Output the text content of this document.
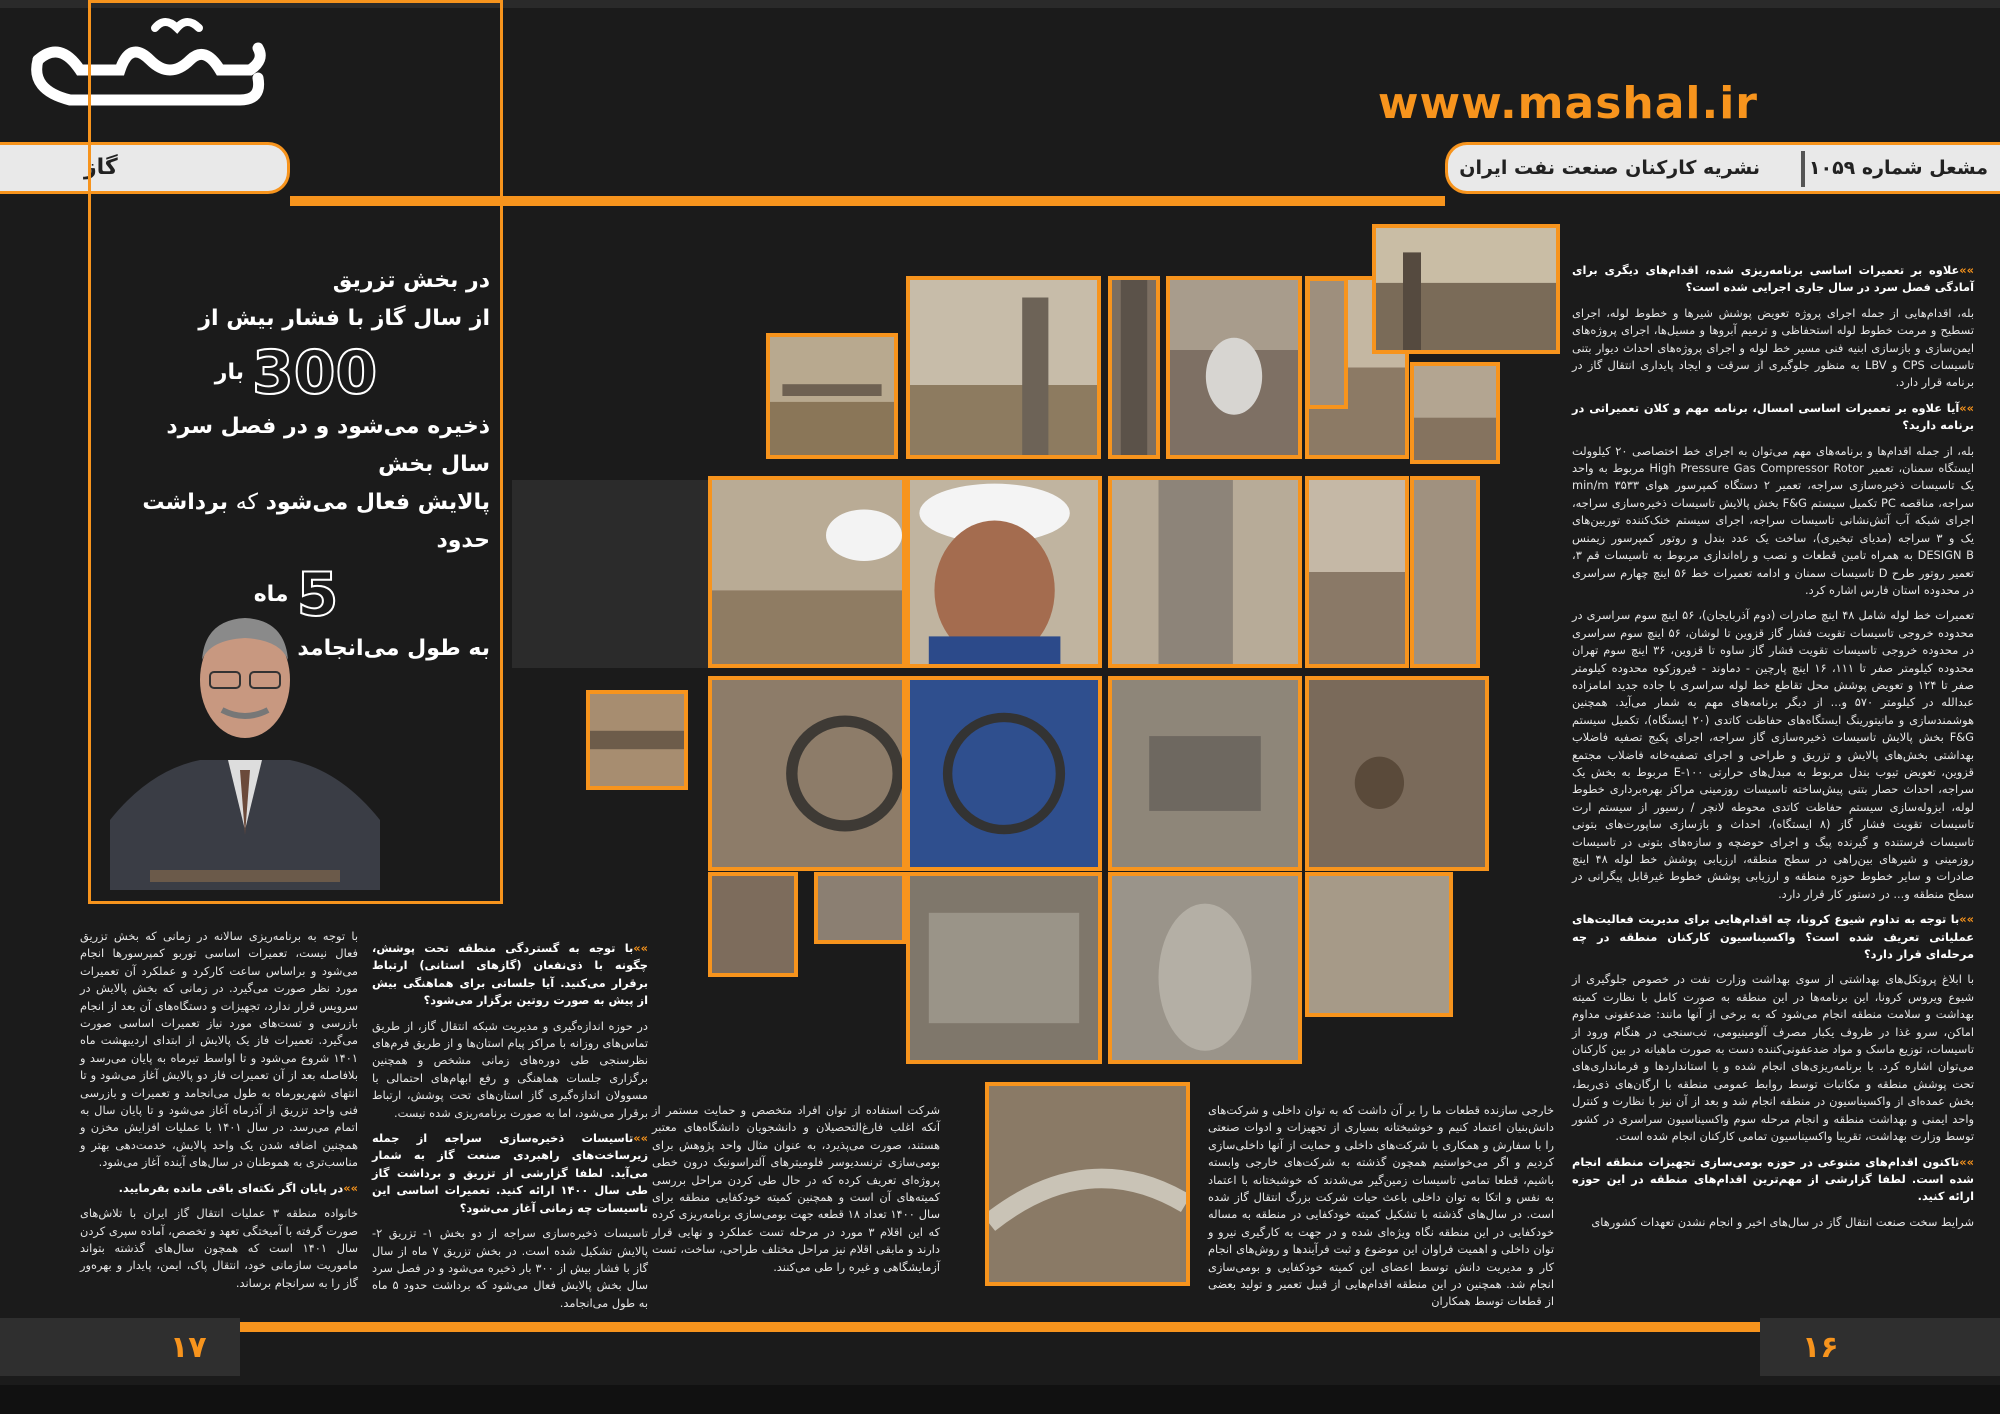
مشعل
www.mashal.ir
گاز	مشعل شماره ۱۰۵۹
نشریه کارکنان صنعت نفت ایران
در بخش تزریق
از سال گاز با فشار بیش از
300بار
ذخیره می‌شود و در فصل سرد سال بخش
پالایش فعال می‌شود که برداشت حدود
5ماه
به طول می‌انجامد

»» علاوه بر تعمیرات اساسی برنامه‌ریزی شده، اقدام‌های دیگری برای آمادگی فصل سرد در سال جاری اجرایی شده است؟

بله، اقدام‌هایی از جمله اجرای پروژه تعویض پوشش شیرها و خطوط لوله، اجرای تسطیح و مرمت خطوط لوله استحفاظی و ترمیم آبروها و مسیل‌ها، اجرای پروژه‌های ایمن‌سازی و بازسازی ابنیه فنی مسیر خط لوله و اجرای پروژه‌های احداث دیوار بتنی تاسیسات CPS و LBV به منظور جلوگیری از سرقت و ایجاد پایداری انتقال گاز در برنامه قرار دارد.

»» آیا علاوه بر تعمیرات اساسی امسال، برنامه مهم و کلان تعمیراتی در برنامه دارید؟

بله، از جمله اقدام‌ها و برنامه‌های مهم می‌توان به اجرای خط اختصاصی ۲۰ کیلوولت ایستگاه سمنان، تعمیر High Pressure Gas Compressor Rotor مربوط به واحد یک تاسیسات ذخیره‌سازی سراجه، تعمیر ۲ دستگاه کمپرسور هوای ۳۵۳۳ min/m سراجه، مناقصه PC تکمیل سیستم F&G بخش پالایش تاسیسات ذخیره‌سازی سراجه، اجرای شبکه آب آتش‌نشانی تاسیسات سراجه، اجرای سیستم خنک‌کننده توربین‌های یک و ۳ سراجه (مدیای تبخیری)، ساخت یک عدد بندل و روتور کمپرسور زیمنس DESIGN B به همراه تامین قطعات و نصب و راه‌اندازی مربوط به تاسیسات قم ۳، تعمیر روتور طرح D تاسیسات سمنان و ادامه تعمیرات خط ۵۶ اینچ چهارم سراسری در محدوده استان فارس اشاره کرد.

تعمیرات خط لوله شامل ۴۸ اینچ صادرات (دوم آذربایجان)، ۵۶ اینچ سوم سراسری در محدوده خروجی تاسیسات تقویت فشار گاز قزوین تا لوشان، ۵۶ اینچ سوم سراسری در محدوده خروجی تاسیسات تقویت فشار گاز ساوه تا قزوین، ۳۶ اینچ سوم تهران محدوده کیلومتر صفر تا ۱۱۱، ۱۶ اینچ پارچین - دماوند - فیروزکوه محدوده کیلومتر صفر تا ۱۲۴ و تعویض پوشش محل تقاطع خط لوله سراسری با جاده جدید امامزاده عبدالله در کیلومتر ۵۷۰ و... از دیگر برنامه‌های مهم به شمار می‌آید. همچنین هوشمندسازی و مانیتورینگ ایستگاه‌های حفاظت کاتدی (۲۰ ایستگاه)، تکمیل سیستم F&G بخش پالایش تاسیسات ذخیره‌سازی گاز سراجه، اجرای پکیج تصفیه فاضلاب بهداشتی بخش‌های پالایش و تزریق و طراحی و اجرای تصفیه‌خانه فاضلاب مجتمع قزوین، تعویض تیوب بندل مربوط به مبدل‌های حرارتی E-۱۰۰ مربوط به بخش یک سراجه، احداث حصار بتنی پیش‌ساخته تاسیسات روزمینی مراکز بهره‌برداری خطوط لوله، ایزوله‌سازی سیستم حفاظت کاتدی محوطه لانچر / رسیور از سیستم ارت تاسیسات تقویت فشار گاز (۸ ایستگاه)، احداث و بازسازی ساپورت‌های بتونی تاسیسات فرستنده و گیرنده پیگ و اجرای حوضچه و سازه‌های بتونی در تاسیسات روزمینی و شیرهای بین‌راهی در سطح منطقه، ارزیابی پوشش خط لوله ۴۸ اینچ صادرات و سایر خطوط حوزه منطقه و ارزیابی پوشش خطوط غیرقابل پیگرانی در سطح منطقه و... در دستور کار قرار دارد.

»» با توجه به تداوم شیوع کرونا، چه اقدام‌هایی برای مدیریت فعالیت‌های عملیاتی تعریف شده است؟ واکسیناسیون کارکنان منطقه در چه مرحله‌ای قرار دارد؟

با ابلاغ پروتکل‌های بهداشتی از سوی بهداشت وزارت نفت در خصوص جلوگیری از شیوع ویروس کرونا، این برنامه‌ها در این منطقه به صورت کامل با نظارت کمیته بهداشت و سلامت منطقه انجام می‌شود که به برخی از آنها مانند: ضدعفونی مداوم اماکن، سرو غذا در ظروف یکبار مصرف آلومینیومی، تب‌سنجی در هنگام ورود از تاسیسات، توزیع ماسک و مواد ضدعفونی‌کننده دست به صورت ماهیانه در بین کارکنان می‌توان اشاره کرد. با برنامه‌ریزی‌های انجام شده و با استانداردها و فرمانداری‌های تحت پوشش منطقه و مکاتبات توسط روابط عمومی منطقه با ارگان‌های ذی‌ربط، بخش عمده‌ای از واکسیناسیون در منطقه انجام شد و بعد از آن نیز با نظارت و کنترل واحد ایمنی و بهداشت منطقه و انجام مرحله سوم واکسیناسیون سراسری در کشور توسط وزارت بهداشت، تقریبا واکسیناسیون تمامی کارکنان انجام شده است.

»» تاکنون اقدام‌های متنوعی در حوزه بومی‌سازی تجهیزات منطقه انجام شده است. لطفا گزارشی از مهم‌ترین اقدام‌های منطقه در این حوزه ارائه کنید.

شرایط سخت صنعت انتقال گاز در سال‌های اخیر و انجام نشدن تعهدات کشورهای

خارجی سازنده قطعات ما را بر آن داشت که به توان داخلی و شرکت‌های دانش‌بنیان اعتماد کنیم و خوشبختانه بسیاری از تجهیزات و ادوات صنعتی را با سفارش و همکاری با شرکت‌های داخلی و حمایت از آنها داخلی‌سازی کردیم و اگر می‌خواستیم همچون گذشته به شرکت‌های خارجی وابسته باشیم، قطعا تمامی تاسیسات زمین‌گیر می‌شدند که خوشبختانه با اعتماد به نفس و اتکا به توان داخلی باعث حیات شرکت بزرگ انتقال گاز شده است. در سال‌های گذشته با تشکیل کمیته خودکفایی در منطقه به مساله خودکفایی در این منطقه نگاه ویژه‌ای شده و در جهت به کارگیری نیرو و توان داخلی و اهمیت فراوان این موضوع و ثبت فرآیندها و روش‌های انجام کار و مدیریت دانش توسط اعضای این کمیته خودکفایی و بومی‌سازی انجام شد. همچنین در این منطقه اقدام‌هایی از قبیل تعمیر و تولید بعضی از قطعات توسط همکاران

شرکت استفاده از توان افراد متخصص و حمایت مستمر از آنکه اغلب فارغ‌التحصیلان و دانشجویان دانشگاه‌های معتبر هستند، صورت می‌پذیرد، به عنوان مثال واحد پژوهش برای بومی‌سازی ترنسدیوسر فلومیترهای آلتراسونیک درون خطی پروژه‌ای تعریف کرده که در حال طی کردن مراحل بررسی کمیته‌های آن است و همچنین کمیته خودکفایی منطقه برای سال ۱۴۰۰ تعداد ۱۸ قطعه جهت بومی‌سازی برنامه‌ریزی کرده که این اقلام ۳ مورد در مرحله تست عملکرد و نهایی قرار دارند و مابقی اقلام نیز مراحل مختلف طراحی، ساخت، تست آزمایشگاهی و غیره را طی می‌کنند.

»» با توجه به گستردگی منطقه تحت پوشش، چگونه با ذی‌نفعان (گازهای استانی) ارتباط برقرار می‌کنید. آیا جلساتی برای هماهنگی بیش از پیش به صورت روتین برگزار می‌شود؟

در حوزه اندازه‌گیری و مدیریت شبکه انتقال گاز، از طریق تماس‌های روزانه با مراکز پیام استان‌ها و از طریق فرم‌های نظرسنجی طی دوره‌های زمانی مشخص و همچنین برگزاری جلسات هماهنگی و رفع ابهام‌های احتمالی با مسوولان اندازه‌گیری گاز استان‌های تحت پوشش، ارتباط برقرار می‌شود، اما به صورت برنامه‌ریزی شده نیست.

»» تاسیسات ذخیره‌سازی سراجه از جمله زیرساخت‌های راهبردی صنعت گاز به شمار می‌آید. لطفا گزارشی از تزریق و برداشت گاز طی سال ۱۴۰۰ ارائه کنید. تعمیرات اساسی این تاسیسات چه زمانی آغاز می‌شود؟

تاسیسات ذخیره‌سازی سراجه از دو بخش ۱- تزریق ۲- پالایش تشکیل شده است. در بخش تزریق ۷ ماه از سال گاز با فشار بیش از ۳۰۰ بار ذخیره می‌شود و در فصل سرد سال بخش پالایش فعال می‌شود که برداشت حدود ۵ ماه به طول می‌انجامد.

با توجه به برنامه‌ریزی سالانه در زمانی که بخش تزریق فعال نیست، تعمیرات اساسی توربو کمپرسورها انجام می‌شود و براساس ساعت کارکرد و عملکرد آن تعمیرات مورد نظر صورت می‌گیرد. در زمانی که بخش پالایش در سرویس قرار ندارد، تجهیزات و دستگاه‌های آن بعد از انجام بازرسی و تست‌های مورد نیاز تعمیرات اساسی صورت می‌گیرد. تعمیرات فاز یک پالایش از ابتدای اردیبهشت ماه ۱۴۰۱ شروع می‌شود و تا اواسط تیرماه به پایان می‌رسد و بلافاصله بعد از آن تعمیرات فاز دو پالایش آغاز می‌شود و تا انتهای شهریورماه به طول می‌انجامد و تعمیرات و بازرسی فنی واحد تزریق از آذرماه آغاز می‌شود و تا پایان سال به اتمام می‌رسد. در سال ۱۴۰۱ با عملیات افزایش مخزن و همچنین اضافه شدن یک واحد پالایش، خدمت‌دهی بهتر و مناسب‌تری به هموطنان در سال‌های آینده آغاز می‌شود.

»» در پایان اگر نکته‌ای باقی مانده بفرمایید.

خانواده منطقه ۳ عملیات انتقال گاز ایران با تلاش‌های صورت گرفته با آمیختگی تعهد و تخصص، آماده سپری کردن سال ۱۴۰۱ است که همچون سال‌های گذشته بتواند ماموریت سازمانی خود، انتقال پاک، ایمن، پایدار و بهره‌ور گاز را به سرانجام برساند.

۱۷	۱۶
